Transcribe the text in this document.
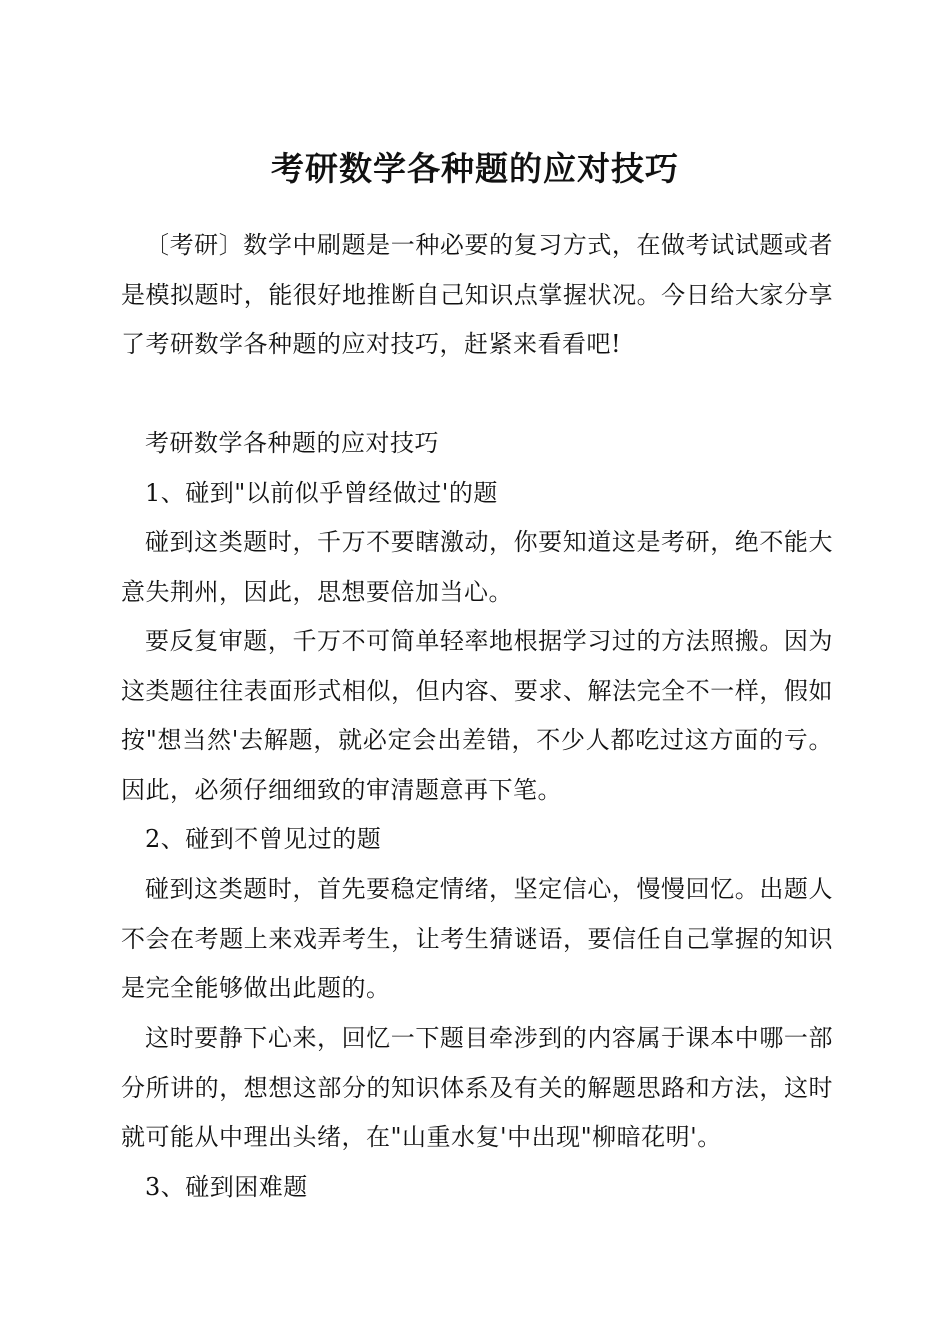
考研数学各种题的应对技巧

〔考研〕数学中刷题是一种必要的复习方式，在做考试试题或者是模拟题时，能很好地推断自己知识点掌握状况。今日给大家分享了考研数学各种题的应对技巧，赶紧来看看吧!

考研数学各种题的应对技巧

1、碰到"以前似乎曾经做过'的题

碰到这类题时，千万不要瞎激动，你要知道这是考研，绝不能大意失荆州，因此，思想要倍加当心。

要反复审题，千万不可简单轻率地根据学习过的方法照搬。因为这类题往往表面形式相似，但内容、要求、解法完全不一样，假如按"想当然'去解题，就必定会出差错，不少人都吃过这方面的亏。因此，必须仔细细致的审清题意再下笔。

2、碰到不曾见过的题

碰到这类题时，首先要稳定情绪，坚定信心，慢慢回忆。出题人不会在考题上来戏弄考生，让考生猜谜语，要信任自己掌握的知识是完全能够做出此题的。

这时要静下心来，回忆一下题目牵涉到的内容属于课本中哪一部分所讲的，想想这部分的知识体系及有关的解题思路和方法，这时就可能从中理出头绪，在"山重水复'中出现"柳暗花明'。

3、碰到困难题
